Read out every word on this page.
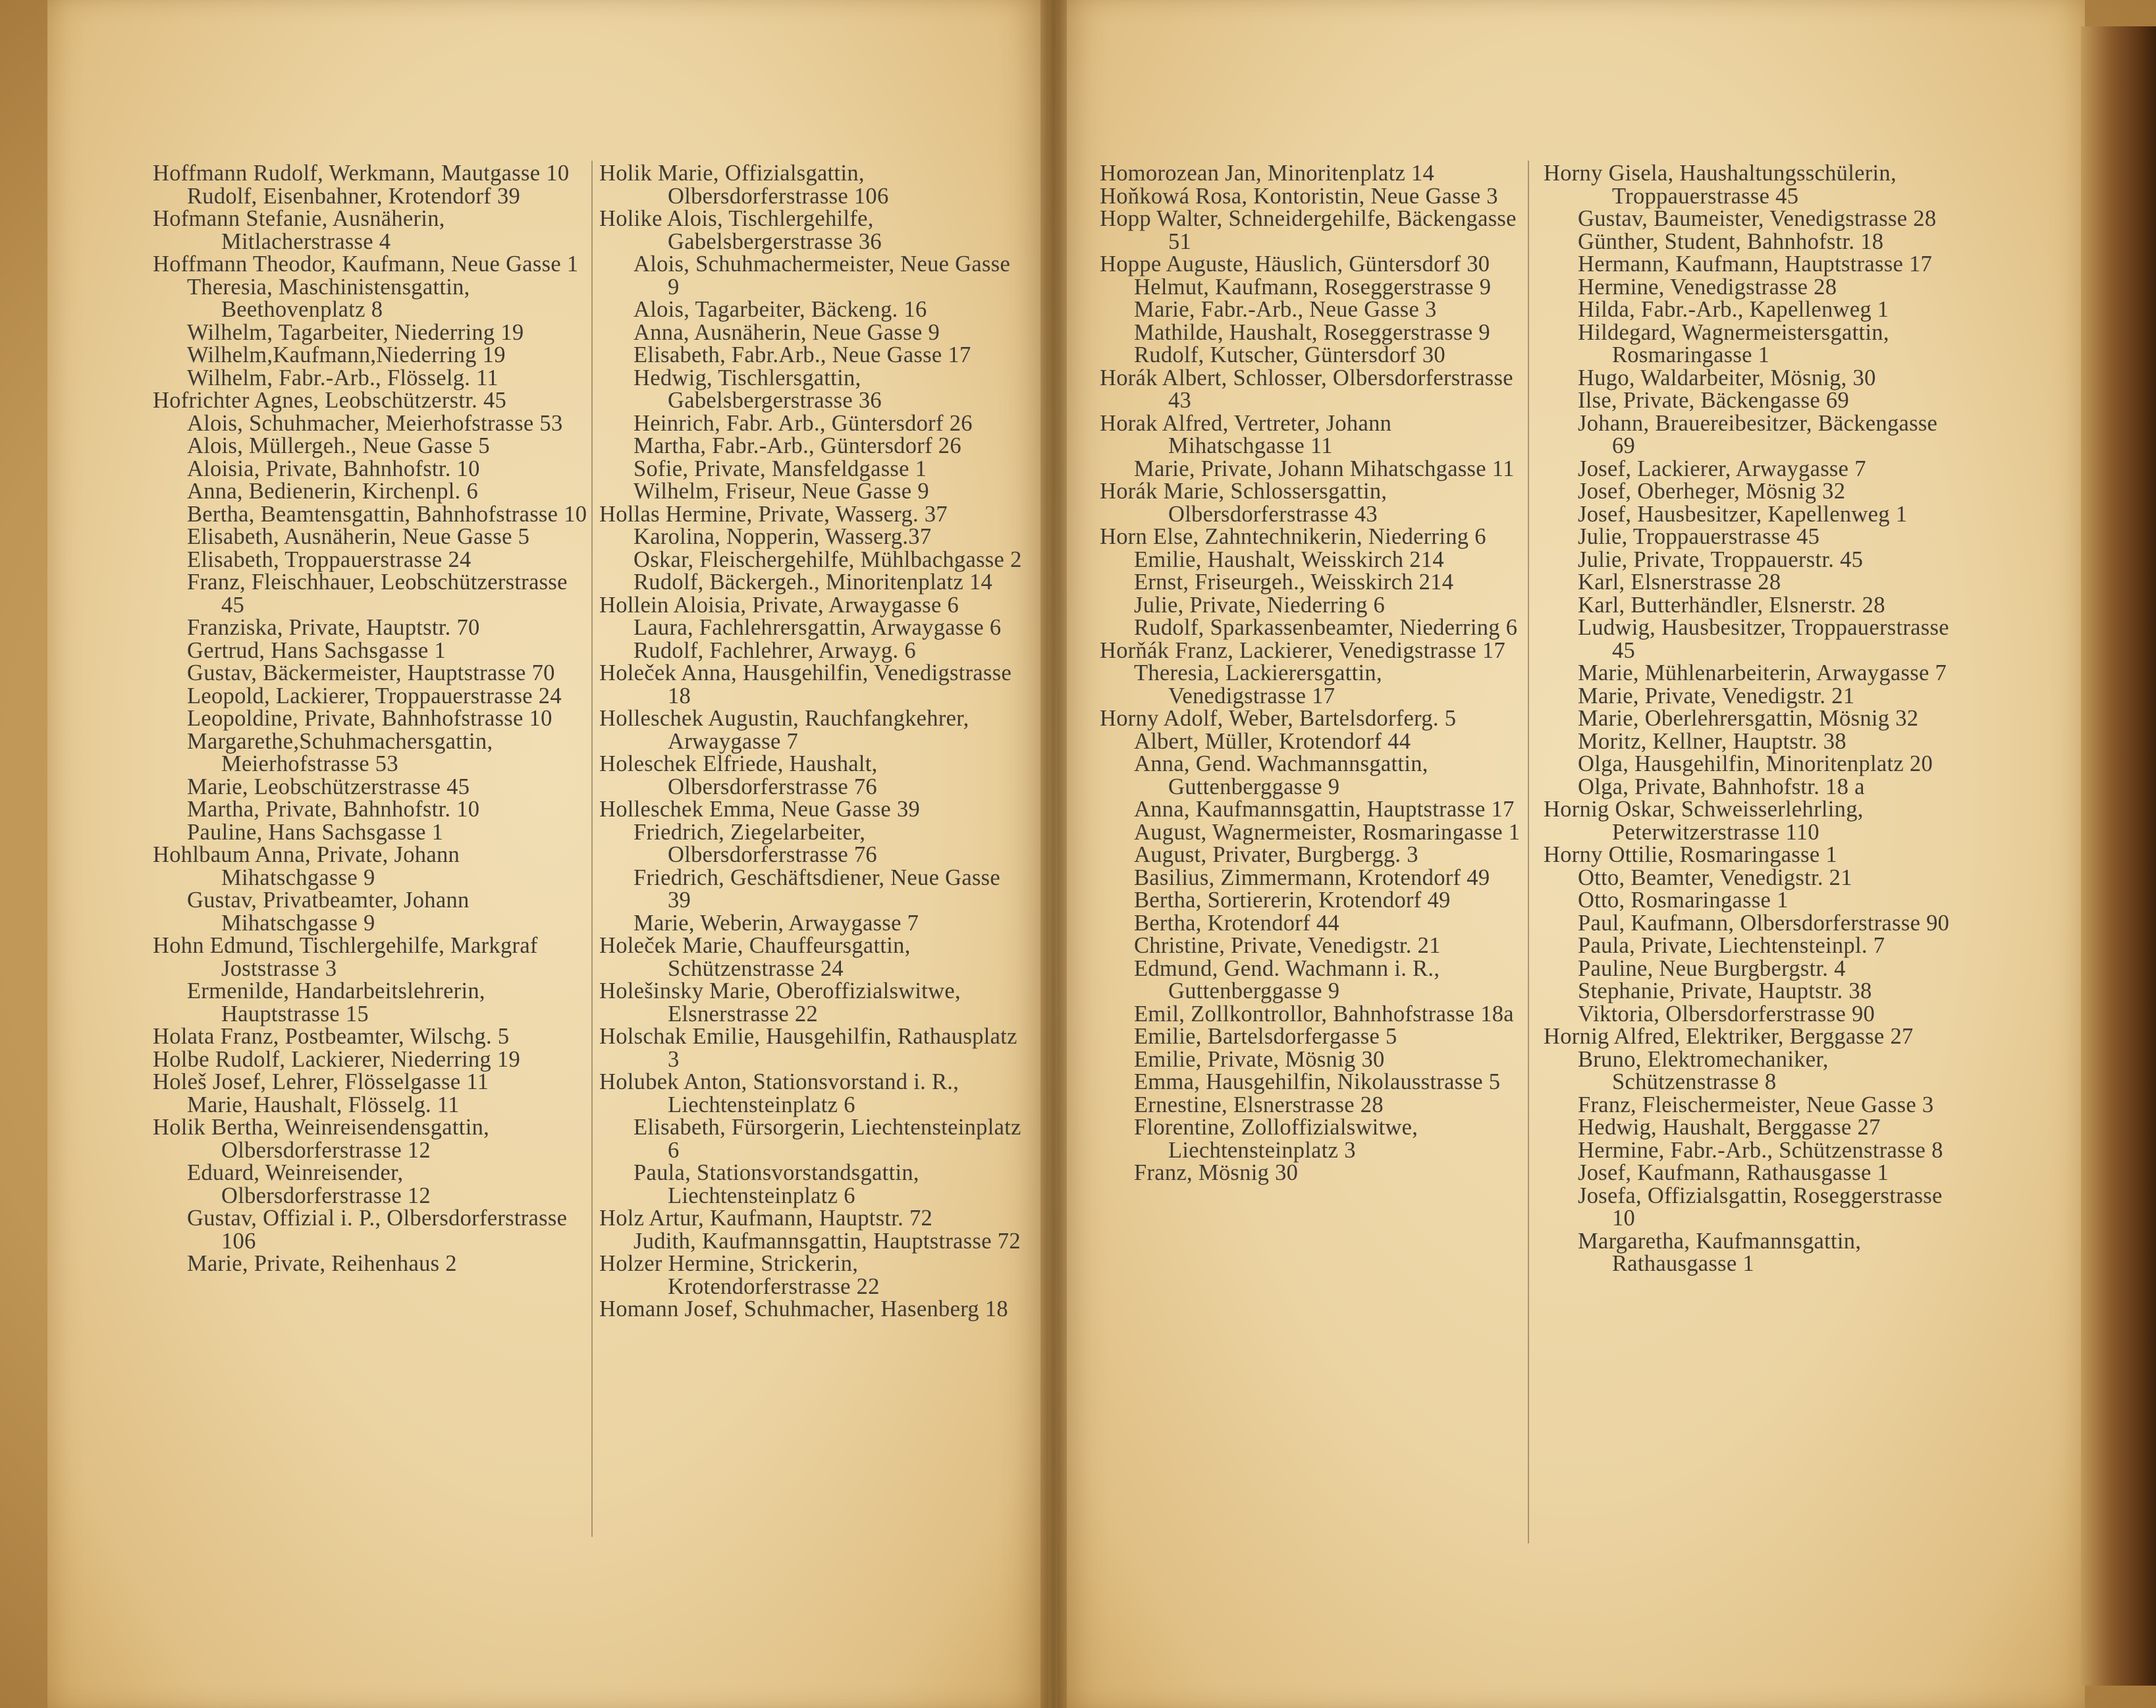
Hoffmann Rudolf, Werkmann, Mautgasse 10

Rudolf, Eisenbahner, Krotendorf 39

Hofmann Stefanie, Ausnäherin, Mitlacherstrasse 4

Hoffmann Theodor, Kaufmann, Neue Gasse 1

Theresia, Maschinistensgattin, Beethovenplatz 8

Wilhelm, Tagarbeiter, Niederring 19

Wilhelm,Kaufmann,Niederring 19

Wilhelm, Fabr.-Arb., Flösselg. 11

Hofrichter Agnes, Leobschützerstr. 45

Alois, Schuhmacher, Meierhofstrasse 53

Alois, Müllergeh., Neue Gasse 5

Aloisia, Private, Bahnhofstr. 10

Anna, Bedienerin, Kirchenpl. 6

Bertha, Beamtensgattin, Bahnhofstrasse 10

Elisabeth, Ausnäherin, Neue Gasse 5

Elisabeth, Troppauerstrasse 24

Franz, Fleischhauer, Leobschützerstrasse 45

Franziska, Private, Hauptstr. 70

Gertrud, Hans Sachsgasse 1

Gustav, Bäckermeister, Hauptstrasse 70

Leopold, Lackierer, Troppauerstrasse 24

Leopoldine, Private, Bahnhofstrasse 10

Margarethe,Schuhmachersgattin, Meierhofstrasse 53

Marie, Leobschützerstrasse 45

Martha, Private, Bahnhofstr. 10

Pauline, Hans Sachsgasse 1

Hohlbaum Anna, Private, Johann Mihatschgasse 9

Gustav, Privatbeamter, Johann Mihatschgasse 9

Hohn Edmund, Tischlergehilfe, Markgraf Joststrasse 3

Ermenilde, Handarbeitslehrerin, Hauptstrasse 15

Holata Franz, Postbeamter, Wilschg. 5

Holbe Rudolf, Lackierer, Niederring 19

Holeš Josef, Lehrer, Flösselgasse 11

Marie, Haushalt, Flösselg. 11

Holik Bertha, Weinreisendensgattin, Olbersdorferstrasse 12

Eduard, Weinreisender, Olbersdorferstrasse 12

Gustav, Offizial i. P., Olbersdorferstrasse 106

Marie, Private, Reihenhaus 2

Holik Marie, Offizialsgattin, Olbersdorferstrasse 106

Holike Alois, Tischlergehilfe, Gabelsbergerstrasse 36

Alois, Schuhmachermeister, Neue Gasse 9

Alois, Tagarbeiter, Bäckeng. 16

Anna, Ausnäherin, Neue Gasse 9

Elisabeth, Fabr.Arb., Neue Gasse 17

Hedwig, Tischlersgattin, Gabelsbergerstrasse 36

Heinrich, Fabr. Arb., Güntersdorf 26

Martha, Fabr.-Arb., Güntersdorf 26

Sofie, Private, Mansfeldgasse 1

Wilhelm, Friseur, Neue Gasse 9

Hollas Hermine, Private, Wasserg. 37

Karolina, Nopperin, Wasserg.37

Oskar, Fleischergehilfe, Mühlbachgasse 2

Rudolf, Bäckergeh., Minoritenplatz 14

Hollein Aloisia, Private, Arwaygasse 6

Laura, Fachlehrersgattin, Arwaygasse 6

Rudolf, Fachlehrer, Arwayg. 6

Holeček Anna, Hausgehilfin, Venedigstrasse 18

Holleschek Augustin, Rauchfangkehrer, Arwaygasse 7

Holeschek Elfriede, Haushalt, Olbersdorferstrasse 76

Holleschek Emma, Neue Gasse 39

Friedrich, Ziegelarbeiter, Olbersdorferstrasse 76

Friedrich, Geschäftsdiener, Neue Gasse 39

Marie, Weberin, Arwaygasse 7

Holeček Marie, Chauffeursgattin, Schützenstrasse 24

Holešinsky Marie, Oberoffizialswitwe, Elsnerstrasse 22

Holschak Emilie, Hausgehilfin, Rathausplatz 3

Holubek Anton, Stationsvorstand i. R., Liechtensteinplatz 6

Elisabeth, Fürsorgerin, Liechtensteinplatz 6

Paula, Stationsvorstandsgattin, Liechtensteinplatz 6

Holz Artur, Kaufmann, Hauptstr. 72

Judith, Kaufmannsgattin, Hauptstrasse 72

Holzer Hermine, Strickerin, Krotendorferstrasse 22

Homann Josef, Schuhmacher, Hasenberg 18

Homorozean Jan, Minoritenplatz 14

Hoňkowá Rosa, Kontoristin, Neue Gasse 3

Hopp Walter, Schneidergehilfe, Bäckengasse 51

Hoppe Auguste, Häuslich, Güntersdorf 30

Helmut, Kaufmann, Roseggerstrasse 9

Marie, Fabr.-Arb., Neue Gasse 3

Mathilde, Haushalt, Roseggerstrasse 9

Rudolf, Kutscher, Güntersdorf 30

Horák Albert, Schlosser, Olbersdorferstrasse 43

Horak Alfred, Vertreter, Johann Mihatschgasse 11

Marie, Private, Johann Mihatschgasse 11

Horák Marie, Schlossersgattin, Olbersdorferstrasse 43

Horn Else, Zahntechnikerin, Niederring 6

Emilie, Haushalt, Weisskirch 214

Ernst, Friseurgeh., Weisskirch 214

Julie, Private, Niederring 6

Rudolf, Sparkassenbeamter, Niederring 6

Horňák Franz, Lackierer, Venedigstrasse 17

Theresia, Lackierersgattin, Venedigstrasse 17

Horny Adolf, Weber, Bartelsdorferg. 5

Albert, Müller, Krotendorf 44

Anna, Gend. Wachmannsgattin, Guttenberggasse 9

Anna, Kaufmannsgattin, Hauptstrasse 17

August, Wagnermeister, Rosmaringasse 1

August, Privater, Burgbergg. 3

Basilius, Zimmermann, Krotendorf 49

Bertha, Sortiererin, Krotendorf 49

Bertha, Krotendorf 44

Christine, Private, Venedigstr. 21

Edmund, Gend. Wachmann i. R., Guttenberggasse 9

Emil, Zollkontrollor, Bahnhofstrasse 18a

Emilie, Bartelsdorfergasse 5

Emilie, Private, Mösnig 30

Emma, Hausgehilfin, Nikolausstrasse 5

Ernestine, Elsnerstrasse 28

Florentine, Zolloffizialswitwe, Liechtensteinplatz 3

Franz, Mösnig 30

Horny Gisela, Haushaltungsschülerin, Troppauerstrasse 45

Gustav, Baumeister, Venedigstrasse 28

Günther, Student, Bahnhofstr. 18

Hermann, Kaufmann, Hauptstrasse 17

Hermine, Venedigstrasse 28

Hilda, Fabr.-Arb., Kapellenweg 1

Hildegard, Wagnermeistersgattin, Rosmaringasse 1

Hugo, Waldarbeiter, Mösnig, 30

Ilse, Private, Bäckengasse 69

Johann, Brauereibesitzer, Bäckengasse 69

Josef, Lackierer, Arwaygasse 7

Josef, Oberheger, Mösnig 32

Josef, Hausbesitzer, Kapellenweg 1

Julie, Troppauerstrasse 45

Julie, Private, Troppauerstr. 45

Karl, Elsnerstrasse 28

Karl, Butterhändler, Elsnerstr. 28

Ludwig, Hausbesitzer, Troppauerstrasse 45

Marie, Mühlenarbeiterin, Arwaygasse 7

Marie, Private, Venedigstr. 21

Marie, Oberlehrersgattin, Mösnig 32

Moritz, Kellner, Hauptstr. 38

Olga, Hausgehilfin, Minoritenplatz 20

Olga, Private, Bahnhofstr. 18 a

Hornig Oskar, Schweisserlehrling, Peterwitzerstrasse 110

Horny Ottilie, Rosmaringasse 1

Otto, Beamter, Venedigstr. 21

Otto, Rosmaringasse 1

Paul, Kaufmann, Olbersdorferstrasse 90

Paula, Private, Liechtensteinpl. 7

Pauline, Neue Burgbergstr. 4

Stephanie, Private, Hauptstr. 38

Viktoria, Olbersdorferstrasse 90

Hornig Alfred, Elektriker, Berggasse 27

Bruno, Elektromechaniker, Schützenstrasse 8

Franz, Fleischermeister, Neue Gasse 3

Hedwig, Haushalt, Berggasse 27

Hermine, Fabr.-Arb., Schützenstrasse 8

Josef, Kaufmann, Rathausgasse 1

Josefa, Offizialsgattin, Roseggerstrasse 10

Margaretha, Kaufmannsgattin, Rathausgasse 1
